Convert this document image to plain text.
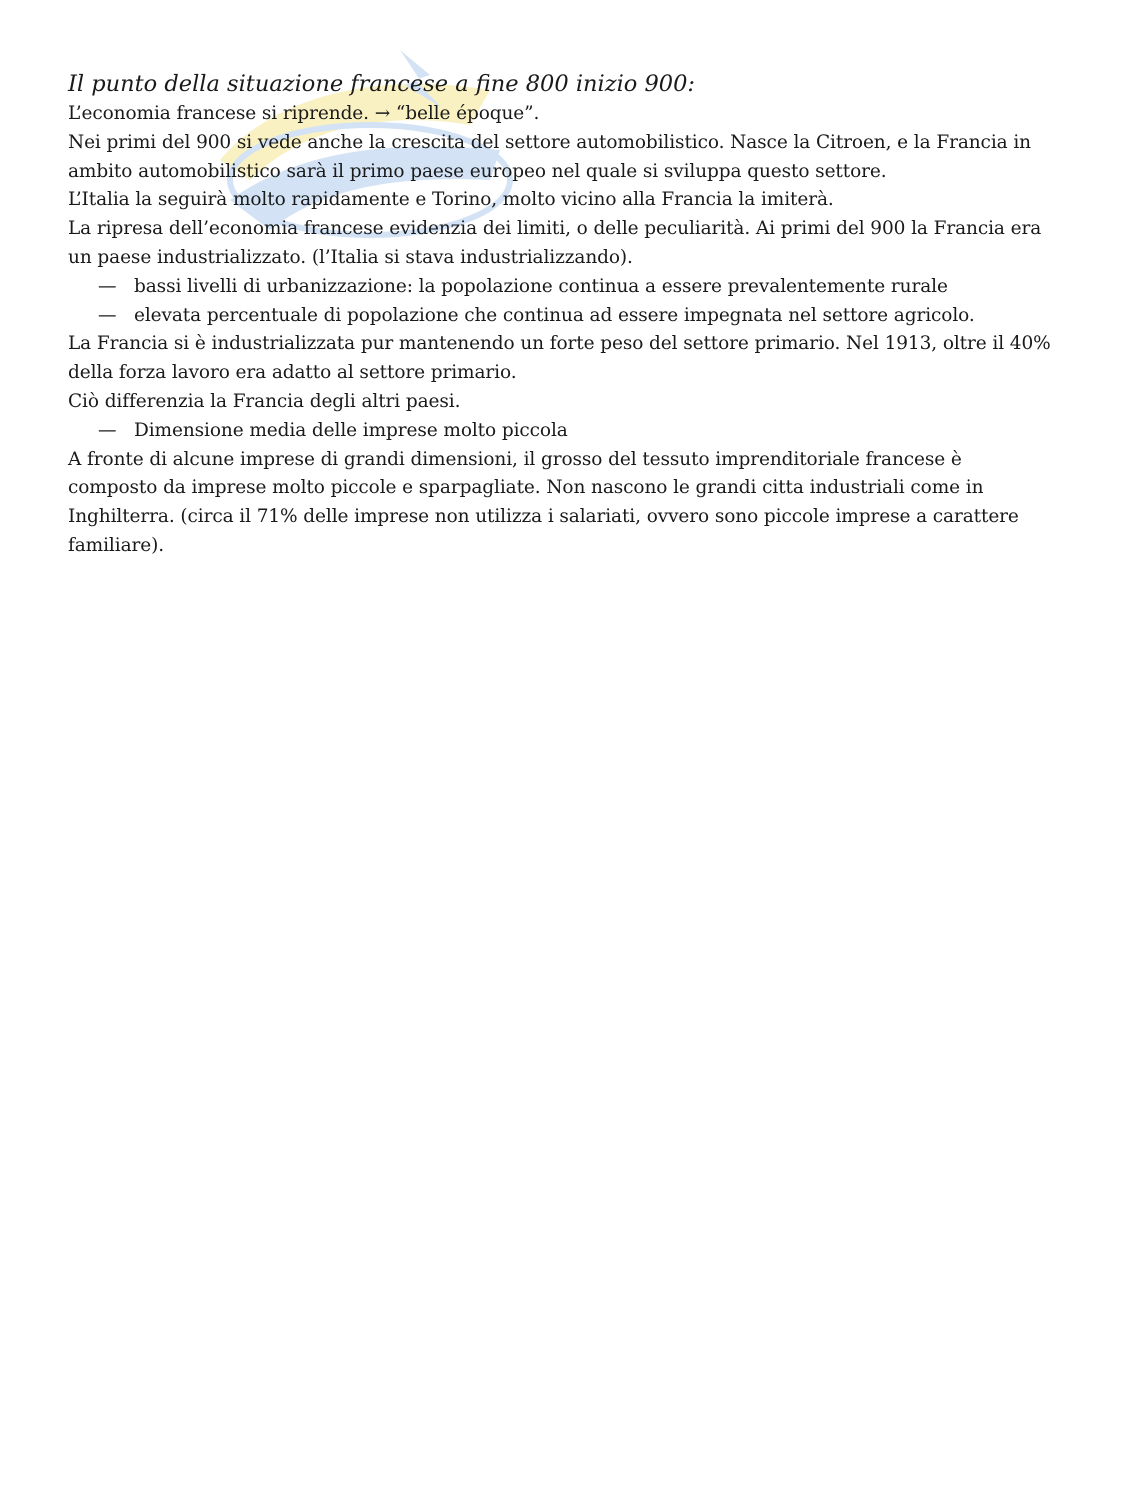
Il punto della situazione francese a fine 800 inizio 900:

L’economia francese si riprende. → “belle époque”.

Nei primi del 900 si vede anche la crescita del settore automobilistico. Nasce la Citroen, e la Francia in

ambito automobilistico sarà il primo paese europeo nel quale si sviluppa questo settore.

L’Italia la seguirà molto rapidamente e Torino, molto vicino alla Francia la imiterà.

La ripresa dell’economia francese evidenzia dei limiti, o delle peculiarità. Ai primi del 900 la Francia era

un paese industrializzato. (l’Italia si stava industrializzando).

— bassi livelli di urbanizzazione: la popolazione continua a essere prevalentemente rurale
— elevata percentuale di popolazione che continua ad essere impegnata nel settore agricolo.

La Francia si è industrializzata pur mantenendo un forte peso del settore primario. Nel 1913, oltre il 40%

della forza lavoro era adatto al settore primario.

Ciò differenzia la Francia degli altri paesi.

— Dimensione media delle imprese molto piccola

A fronte di alcune imprese di grandi dimensioni, il grosso del tessuto imprenditoriale francese è

composto da imprese molto piccole e sparpagliate. Non nascono le grandi citta industriali come in

Inghilterra. (circa il 71% delle imprese non utilizza i salariati, ovvero sono piccole imprese a carattere

familiare).
